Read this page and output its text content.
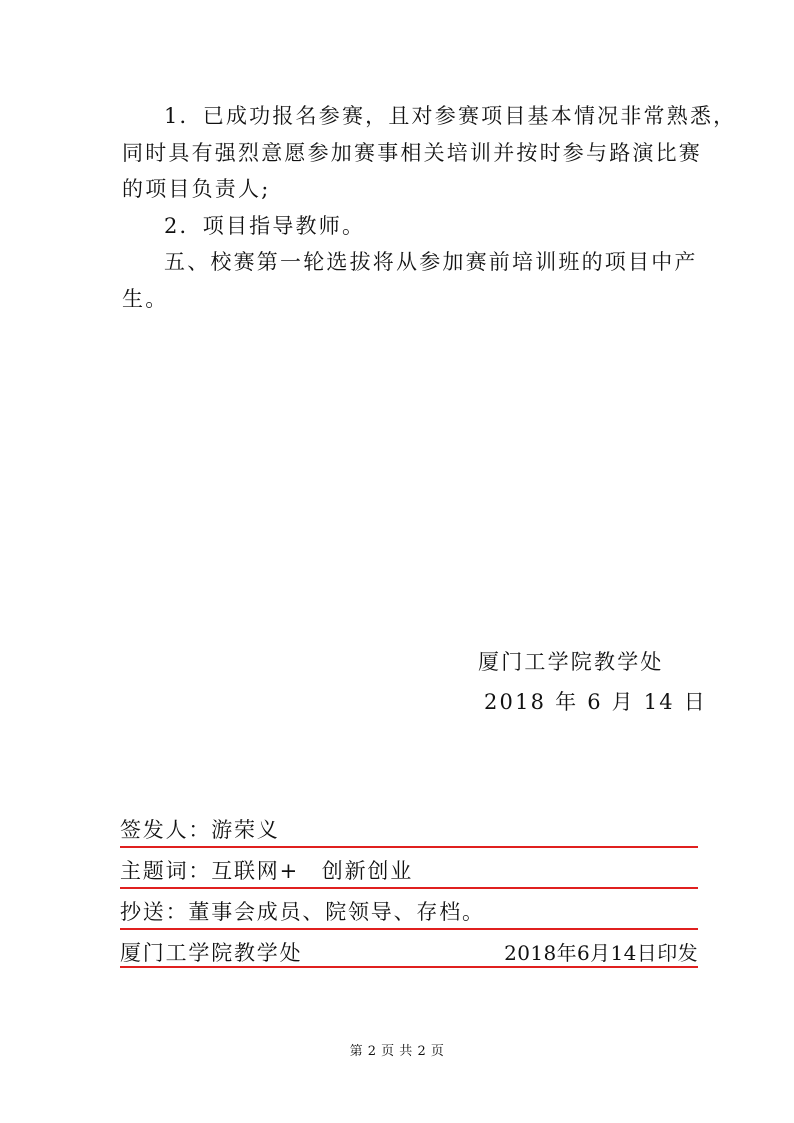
1．已成功报名参赛，且对参赛项目基本情况非常熟悉，

同时具有强烈意愿参加赛事相关培训并按时参与路演比赛

的项目负责人;

2．项目指导教师。

五、校赛第一轮选拔将从参加赛前培训班的项目中产

生。

厦门工学院教学处
2018 年 6 月 14 日
签发人：游荣义
主题词：互联网+　创新创业
抄送：董事会成员、院领导、存档。
厦门工学院教学处	2018年6月14日印发
第 2 页 共 2 页
